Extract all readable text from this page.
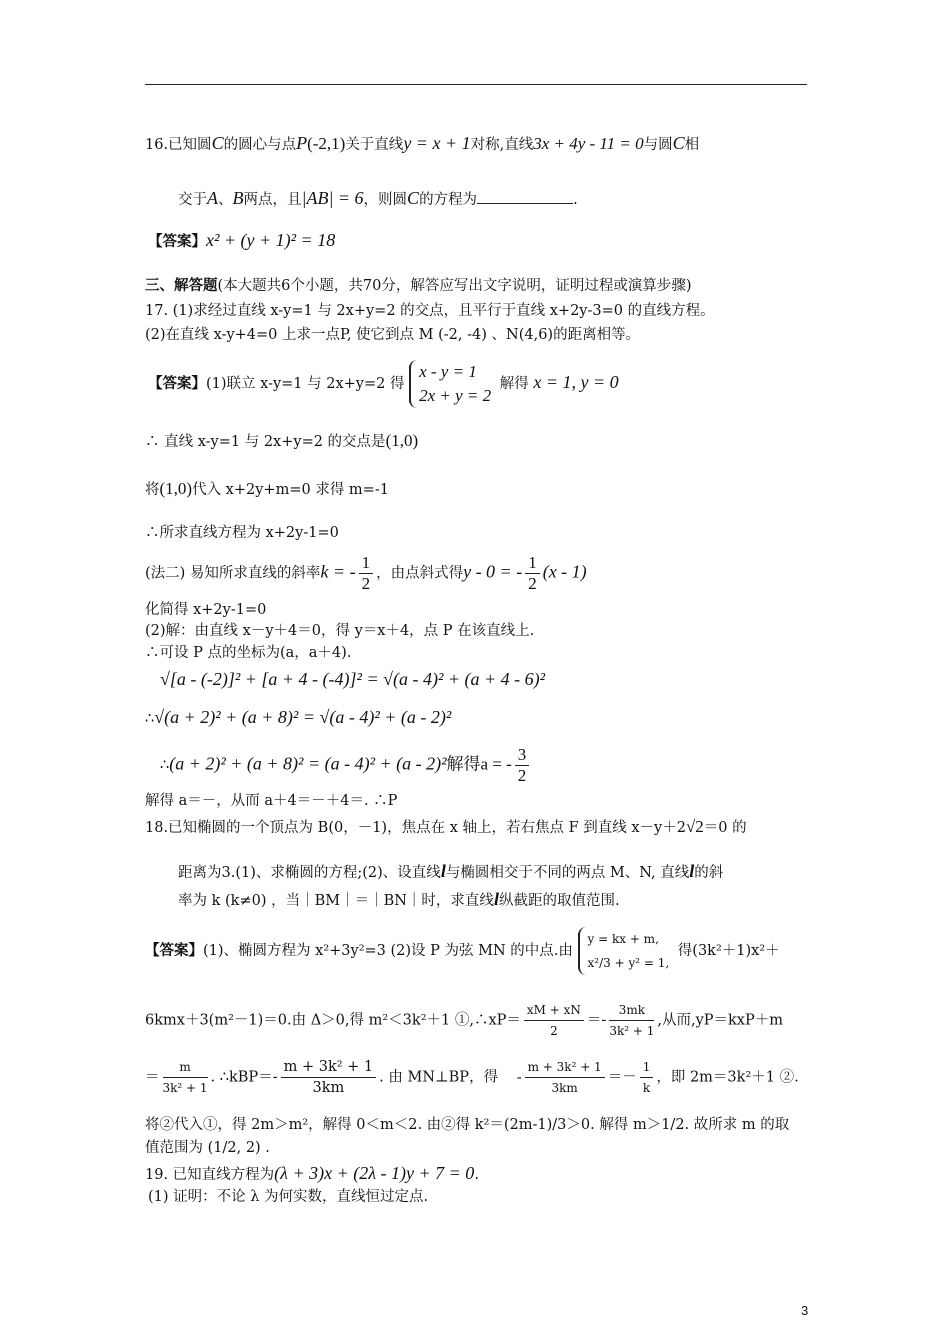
16.已知圆C的圆心与点P(-2,1)关于直线y = x + 1对称,直线3x + 4y - 11 = 0与圆C相
交于A、B两点，且|AB| = 6，则圆C的方程为	.
【答案】x² + (y + 1)² = 18
三、解答题(本大题共6个小题，共70分，解答应写出文字说明，证明过程或演算步骤)
17. (1)求经过直线 x-y=1 与 2x+y=2 的交点，且平行于直线 x+2y-3=0 的直线方程。
(2)在直线 x-y+4=0 上求一点P, 使它到点 M (-2, -4) 、N(4,6)的距离相等。
【答案】(1)联立 x-y=1 与 2x+y=2 得
x - y = 1
2x + y = 2
解得 x = 1, y = 0
∴ 直线 x-y=1 与 2x+y=2 的交点是(1,0)
将(1,0)代入 x+2y+m=0 求得 m=-1
∴所求直线方程为 x+2y-1=0
(法二) 易知所求直线的斜率k = - $\frac{1}{2}$ ，由点斜式得y - 0 = - $\frac{1}{2} (x - 1)$
化简得 x+2y-1=0
(2)解：由直线 x－y＋4＝0，得 y＝x＋4，点 P 在该直线上.
∴可设 P 点的坐标为(a，a＋4).
√[a - (-2)]² + [a + 4 - (-4)]² = √(a - 4)² + (a + 4 - 6)²
∴√(a + 2)² + (a + 8)² = √(a - 4)² + (a - 2)²
∴(a + 2)² + (a + 8)² = (a - 4)² + (a - 2)²解得a = - $\frac{3}{2}$
解得 a＝－，从而 a＋4＝－＋4＝. ∴P
18.已知椭圆的一个顶点为 B(0，－1)，焦点在 x 轴上，若右焦点 F 到直线 x－y＋2√2＝0 的
距离为3.(1)、求椭圆的方程;(2)、设直线l与椭圆相交于不同的两点 M、N, 直线l的斜
率为 k (k≠0) ，当｜BM｜＝｜BN｜时，求直线l纵截距的取值范围.
【答案】(1)、椭圆方程为 x²+3y²=3 (2)设 P 为弦 MN 的中点.由
y = kx + m,
x²/3 + y² = 1,
得(3k²＋1)x²＋
6kmx＋3(m²－1)＝0.由 Δ＞0,得 m²＜3k²＋1 ①,∴xP＝ $\frac{xM + xN}{2} =- \frac{3mk}{\text{3k² + 1}}$ ,从而,yP＝kxP＋m
＝ $\frac{m}{\text{3k² + 1}}$ . ∴kBP＝- $\frac{\text{m + 3k² + 1}}{3km}$ . 由 MN⊥BP，得 - $\frac{\text{m + 3k² + 1}}{3km} =- \frac{1}{k}$ ，即 2m＝3k²＋1 ②.
将②代入①，得 2m＞m²，解得 0＜m＜2. 由②得 k²＝(2m-1)/3＞0. 解得 m＞1/2. 故所求 m 的取
值范围为 (1/2, 2) .
19. 已知直线方程为(λ + 3)x + (2λ - 1)y + 7 = 0.
(1) 证明：不论 λ 为何实数，直线恒过定点.
3
